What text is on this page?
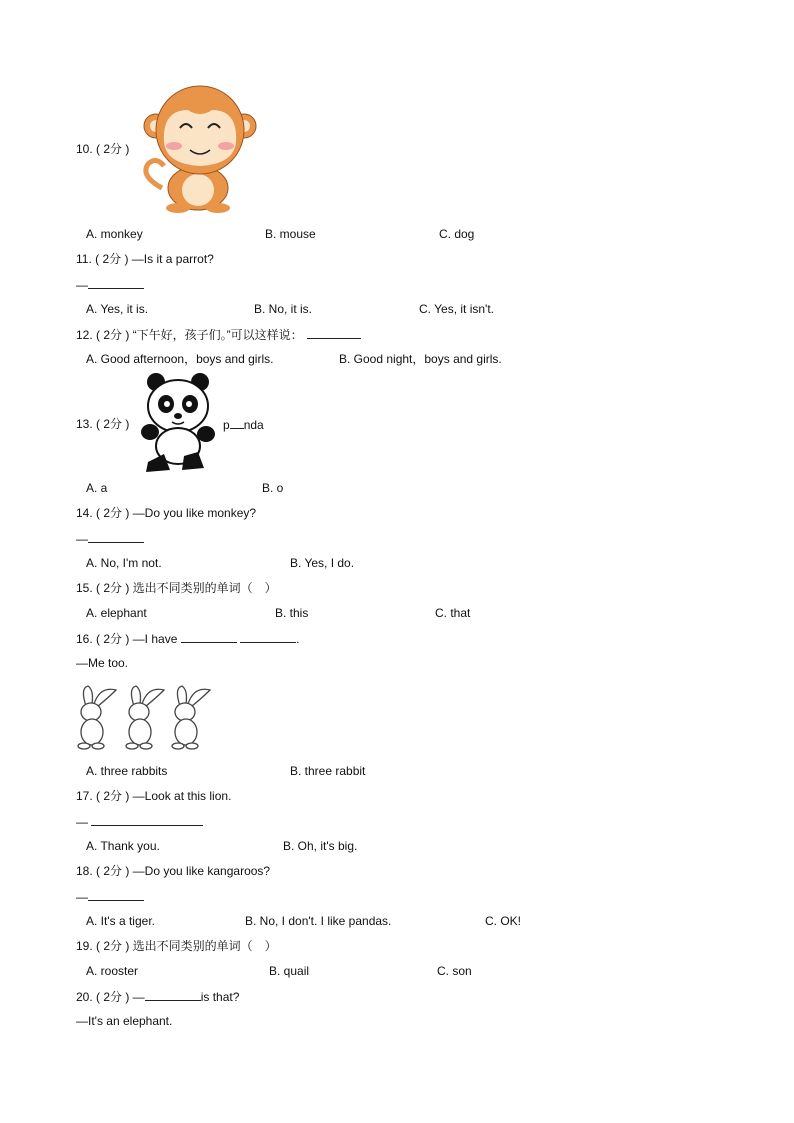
10. ( 2分 )
A. monkey	B. mouse	C. dog
11. ( 2分 ) —Is it a parrot?
—
A. Yes, it is.	B. No, it is.	C. Yes, it isn't.
12. ( 2分 ) “下午好，孩子们。”可以这样说：
A. Good afternoon，boys and girls.	B. Good night，boys and girls.
13. ( 2分 )	p nda
A. a	B. o
14. ( 2分 ) —Do you like monkey?
—
A. No, I'm not.	B. Yes, I do.
15. ( 2分 ) 选出不同类别的单词（　）
A. elephant	B. this	C. that
16. ( 2分 ) —I have	.
—Me too.
A. three rabbits	B. three rabbit
17. ( 2分 ) —Look at this lion.
—
A. Thank you.	B. Oh, it's big.
18. ( 2分 ) —Do you like kangaroos?
—
A. It's a tiger.	B. No, I don't. I like pandas.	C. OK!
19. ( 2分 ) 选出不同类别的单词（　）
A. rooster	B. quail	C. son
20. ( 2分 ) —	is that?
—It's an elephant.
